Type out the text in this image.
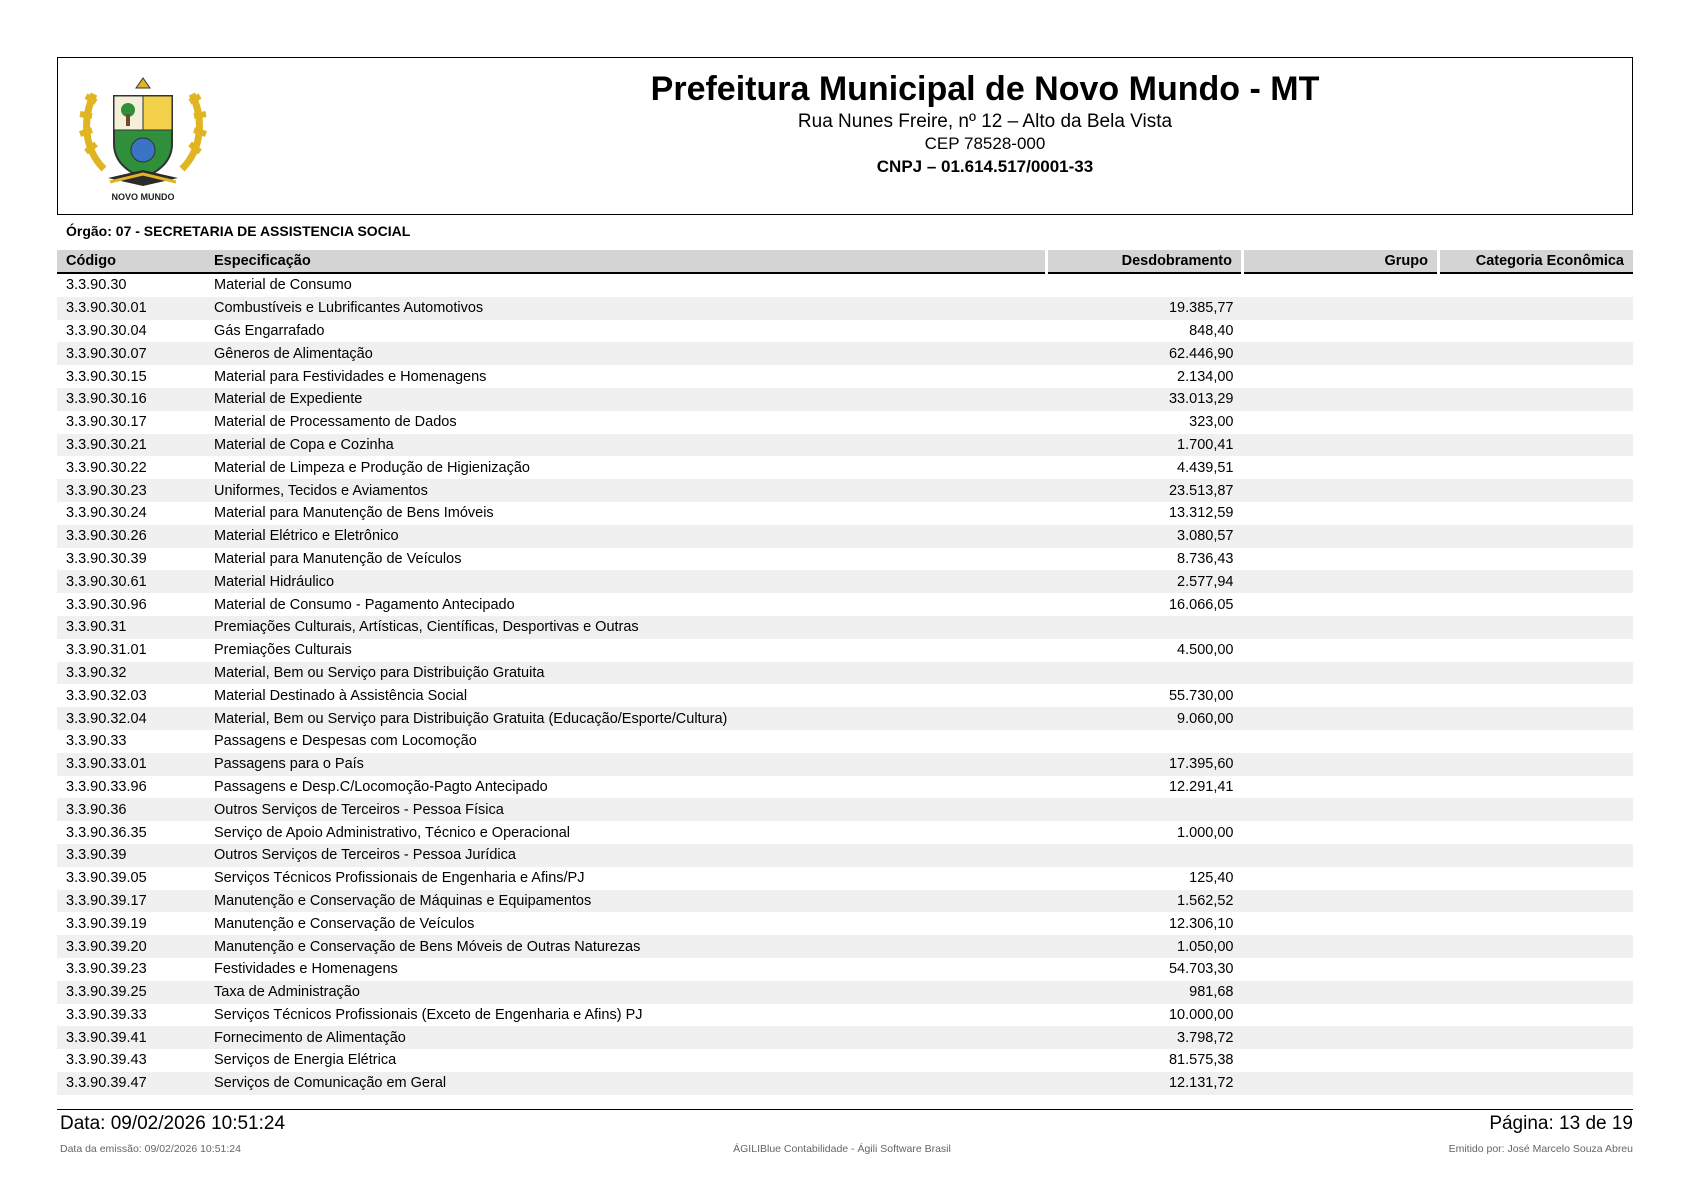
NOVO MUNDO
Prefeitura Municipal de Novo Mundo - MT
Rua Nunes Freire, nº 12 – Alto da Bela Vista
CEP 78528-000
CNPJ – 01.614.517/0001-33
Órgão: 07 - SECRETARIA DE ASSISTENCIA SOCIAL
Código	Especificação	Desdobramento	Grupo	Categoria Econômica
3.3.90.30	Material de Consumo			
3.3.90.30.01	Combustíveis e Lubrificantes Automotivos	19.385,77		
3.3.90.30.04	Gás Engarrafado	848,40		
3.3.90.30.07	Gêneros de Alimentação	62.446,90		
3.3.90.30.15	Material para Festividades e Homenagens	2.134,00		
3.3.90.30.16	Material de Expediente	33.013,29		
3.3.90.30.17	Material de Processamento de Dados	323,00		
3.3.90.30.21	Material de Copa e Cozinha	1.700,41		
3.3.90.30.22	Material de Limpeza e Produção de Higienização	4.439,51		
3.3.90.30.23	Uniformes, Tecidos e Aviamentos	23.513,87		
3.3.90.30.24	Material para Manutenção de Bens Imóveis	13.312,59		
3.3.90.30.26	Material Elétrico e Eletrônico	3.080,57		
3.3.90.30.39	Material para Manutenção de Veículos	8.736,43		
3.3.90.30.61	Material Hidráulico	2.577,94		
3.3.90.30.96	Material de Consumo - Pagamento Antecipado	16.066,05		
3.3.90.31	Premiações Culturais, Artísticas, Científicas, Desportivas e Outras			
3.3.90.31.01	Premiações Culturais	4.500,00		
3.3.90.32	Material, Bem ou Serviço para Distribuição Gratuita			
3.3.90.32.03	Material Destinado à Assistência Social	55.730,00		
3.3.90.32.04	Material, Bem ou Serviço para Distribuição Gratuita (Educação/Esporte/Cultura)	9.060,00		
3.3.90.33	Passagens e Despesas com Locomoção			
3.3.90.33.01	Passagens para o País	17.395,60		
3.3.90.33.96	Passagens e Desp.C/Locomoção-Pagto Antecipado	12.291,41		
3.3.90.36	Outros Serviços de Terceiros - Pessoa Física			
3.3.90.36.35	Serviço de Apoio Administrativo, Técnico e Operacional	1.000,00		
3.3.90.39	Outros Serviços de Terceiros - Pessoa Jurídica			
3.3.90.39.05	Serviços Técnicos Profissionais de Engenharia e Afins/PJ	125,40		
3.3.90.39.17	Manutenção e Conservação de Máquinas e Equipamentos	1.562,52		
3.3.90.39.19	Manutenção e Conservação de Veículos	12.306,10		
3.3.90.39.20	Manutenção e Conservação de Bens Móveis de Outras Naturezas	1.050,00		
3.3.90.39.23	Festividades e Homenagens	54.703,30		
3.3.90.39.25	Taxa de Administração	981,68		
3.3.90.39.33	Serviços Técnicos Profissionais (Exceto de Engenharia e Afins) PJ	10.000,00		
3.3.90.39.41	Fornecimento de Alimentação	3.798,72		
3.3.90.39.43	Serviços de Energia Elétrica	81.575,38		
3.3.90.39.47	Serviços de Comunicação em Geral	12.131,72		
Data: 09/02/2026 10:51:24	Página: 13 de 19
Data da emissão: 09/02/2026 10:51:24	ÁGILIBlue Contabilidade - Ágili Software Brasil	Emitido por: José Marcelo Souza Abreu
